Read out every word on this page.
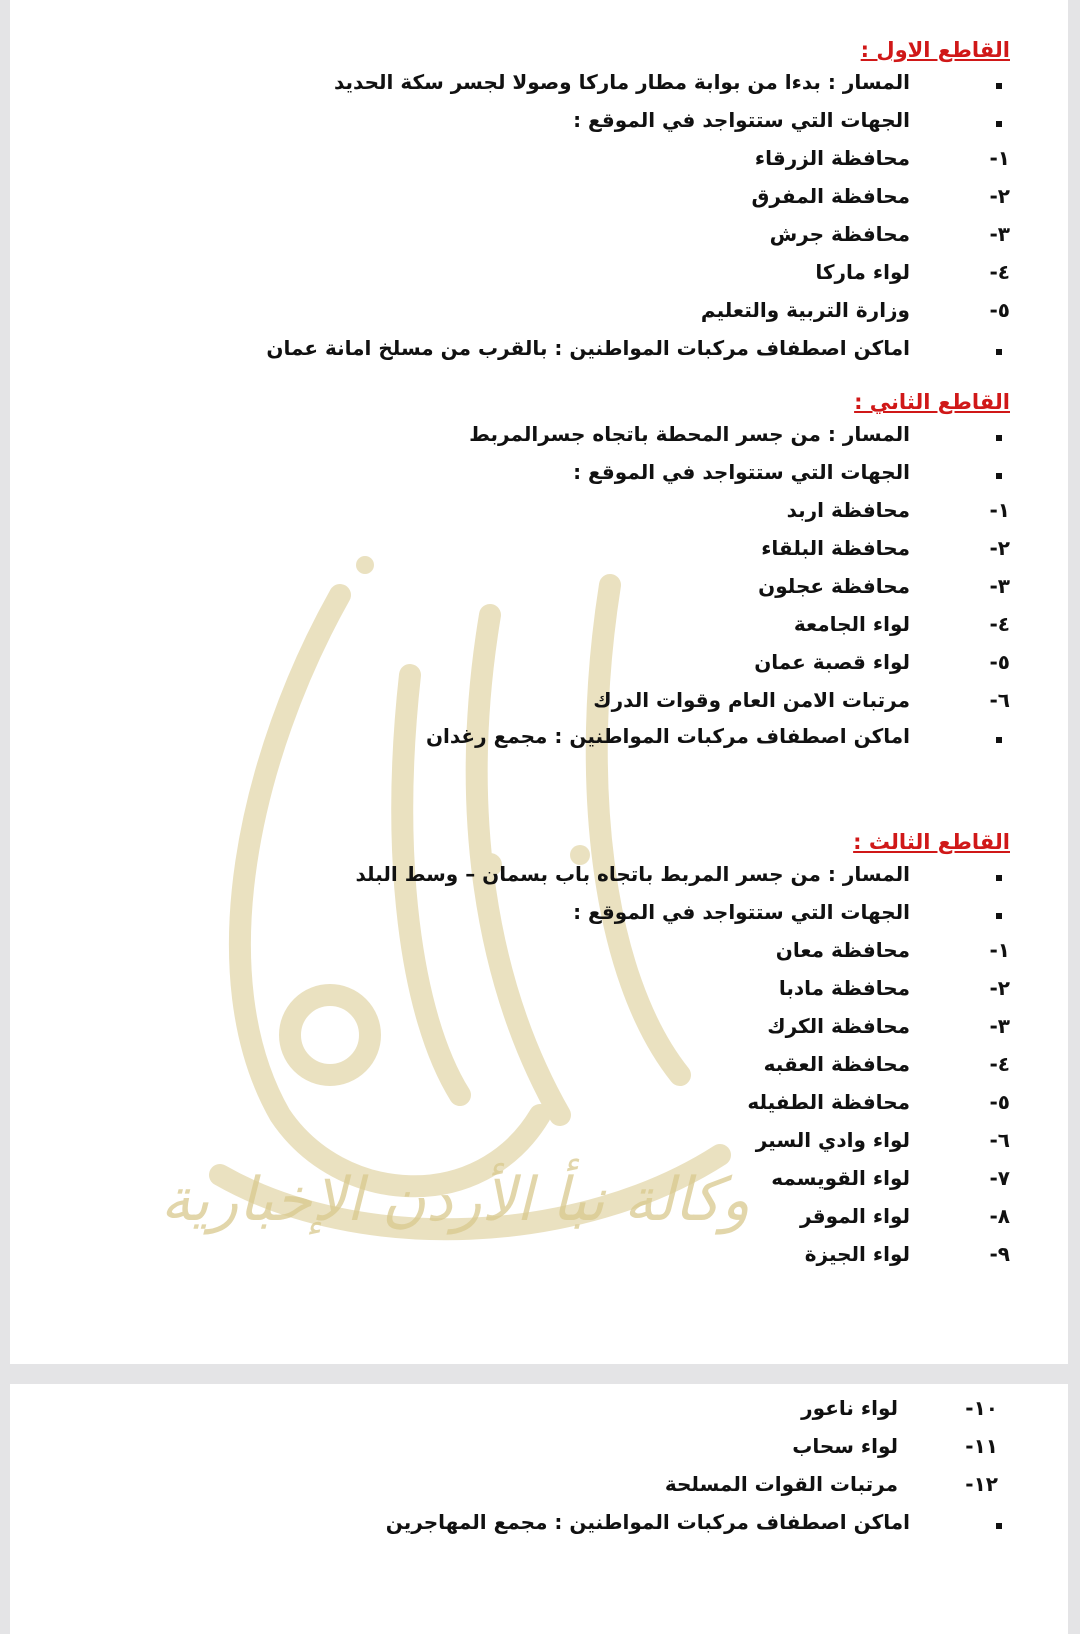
وكالة نبأ الأردن الإخبارية
القاطع الاول :
المسار : بدءا من بوابة مطار ماركا وصولا لجسر سكة الحديد
الجهات التي ستتواجد في الموقع :
١-
محافظة الزرقاء
٢-
محافظة المفرق
٣-
محافظة جرش
٤-
لواء ماركا
٥-
وزارة التربية والتعليم
اماكن اصطفاف مركبات المواطنين : بالقرب من مسلخ امانة عمان
القاطع الثاني :
المسار : من جسر المحطة باتجاه جسرالمربط
الجهات التي ستتواجد في الموقع :
١-
محافظة اربد
٢-
محافظة البلقاء
٣-
محافظة عجلون
٤-
لواء الجامعة
٥-
لواء قصبة عمان
٦-
مرتبات الامن العام وقوات الدرك
اماكن اصطفاف مركبات المواطنين : مجمع رغدان
القاطع الثالث :
المسار : من جسر المربط باتجاه باب بسمان – وسط البلد
الجهات التي ستتواجد في الموقع :
١-
محافظة معان
٢-
محافظة مادبا
٣-
محافظة الكرك
٤-
محافظة العقبه
٥-
محافظة الطفيله
٦-
لواء وادي السير
٧-
لواء القويسمه
٨-
لواء الموقر
٩-
لواء الجيزة
١٠-
لواء ناعور
١١-
لواء سحاب
١٢-
مرتبات القوات المسلحة
اماكن اصطفاف مركبات المواطنين : مجمع المهاجرين
